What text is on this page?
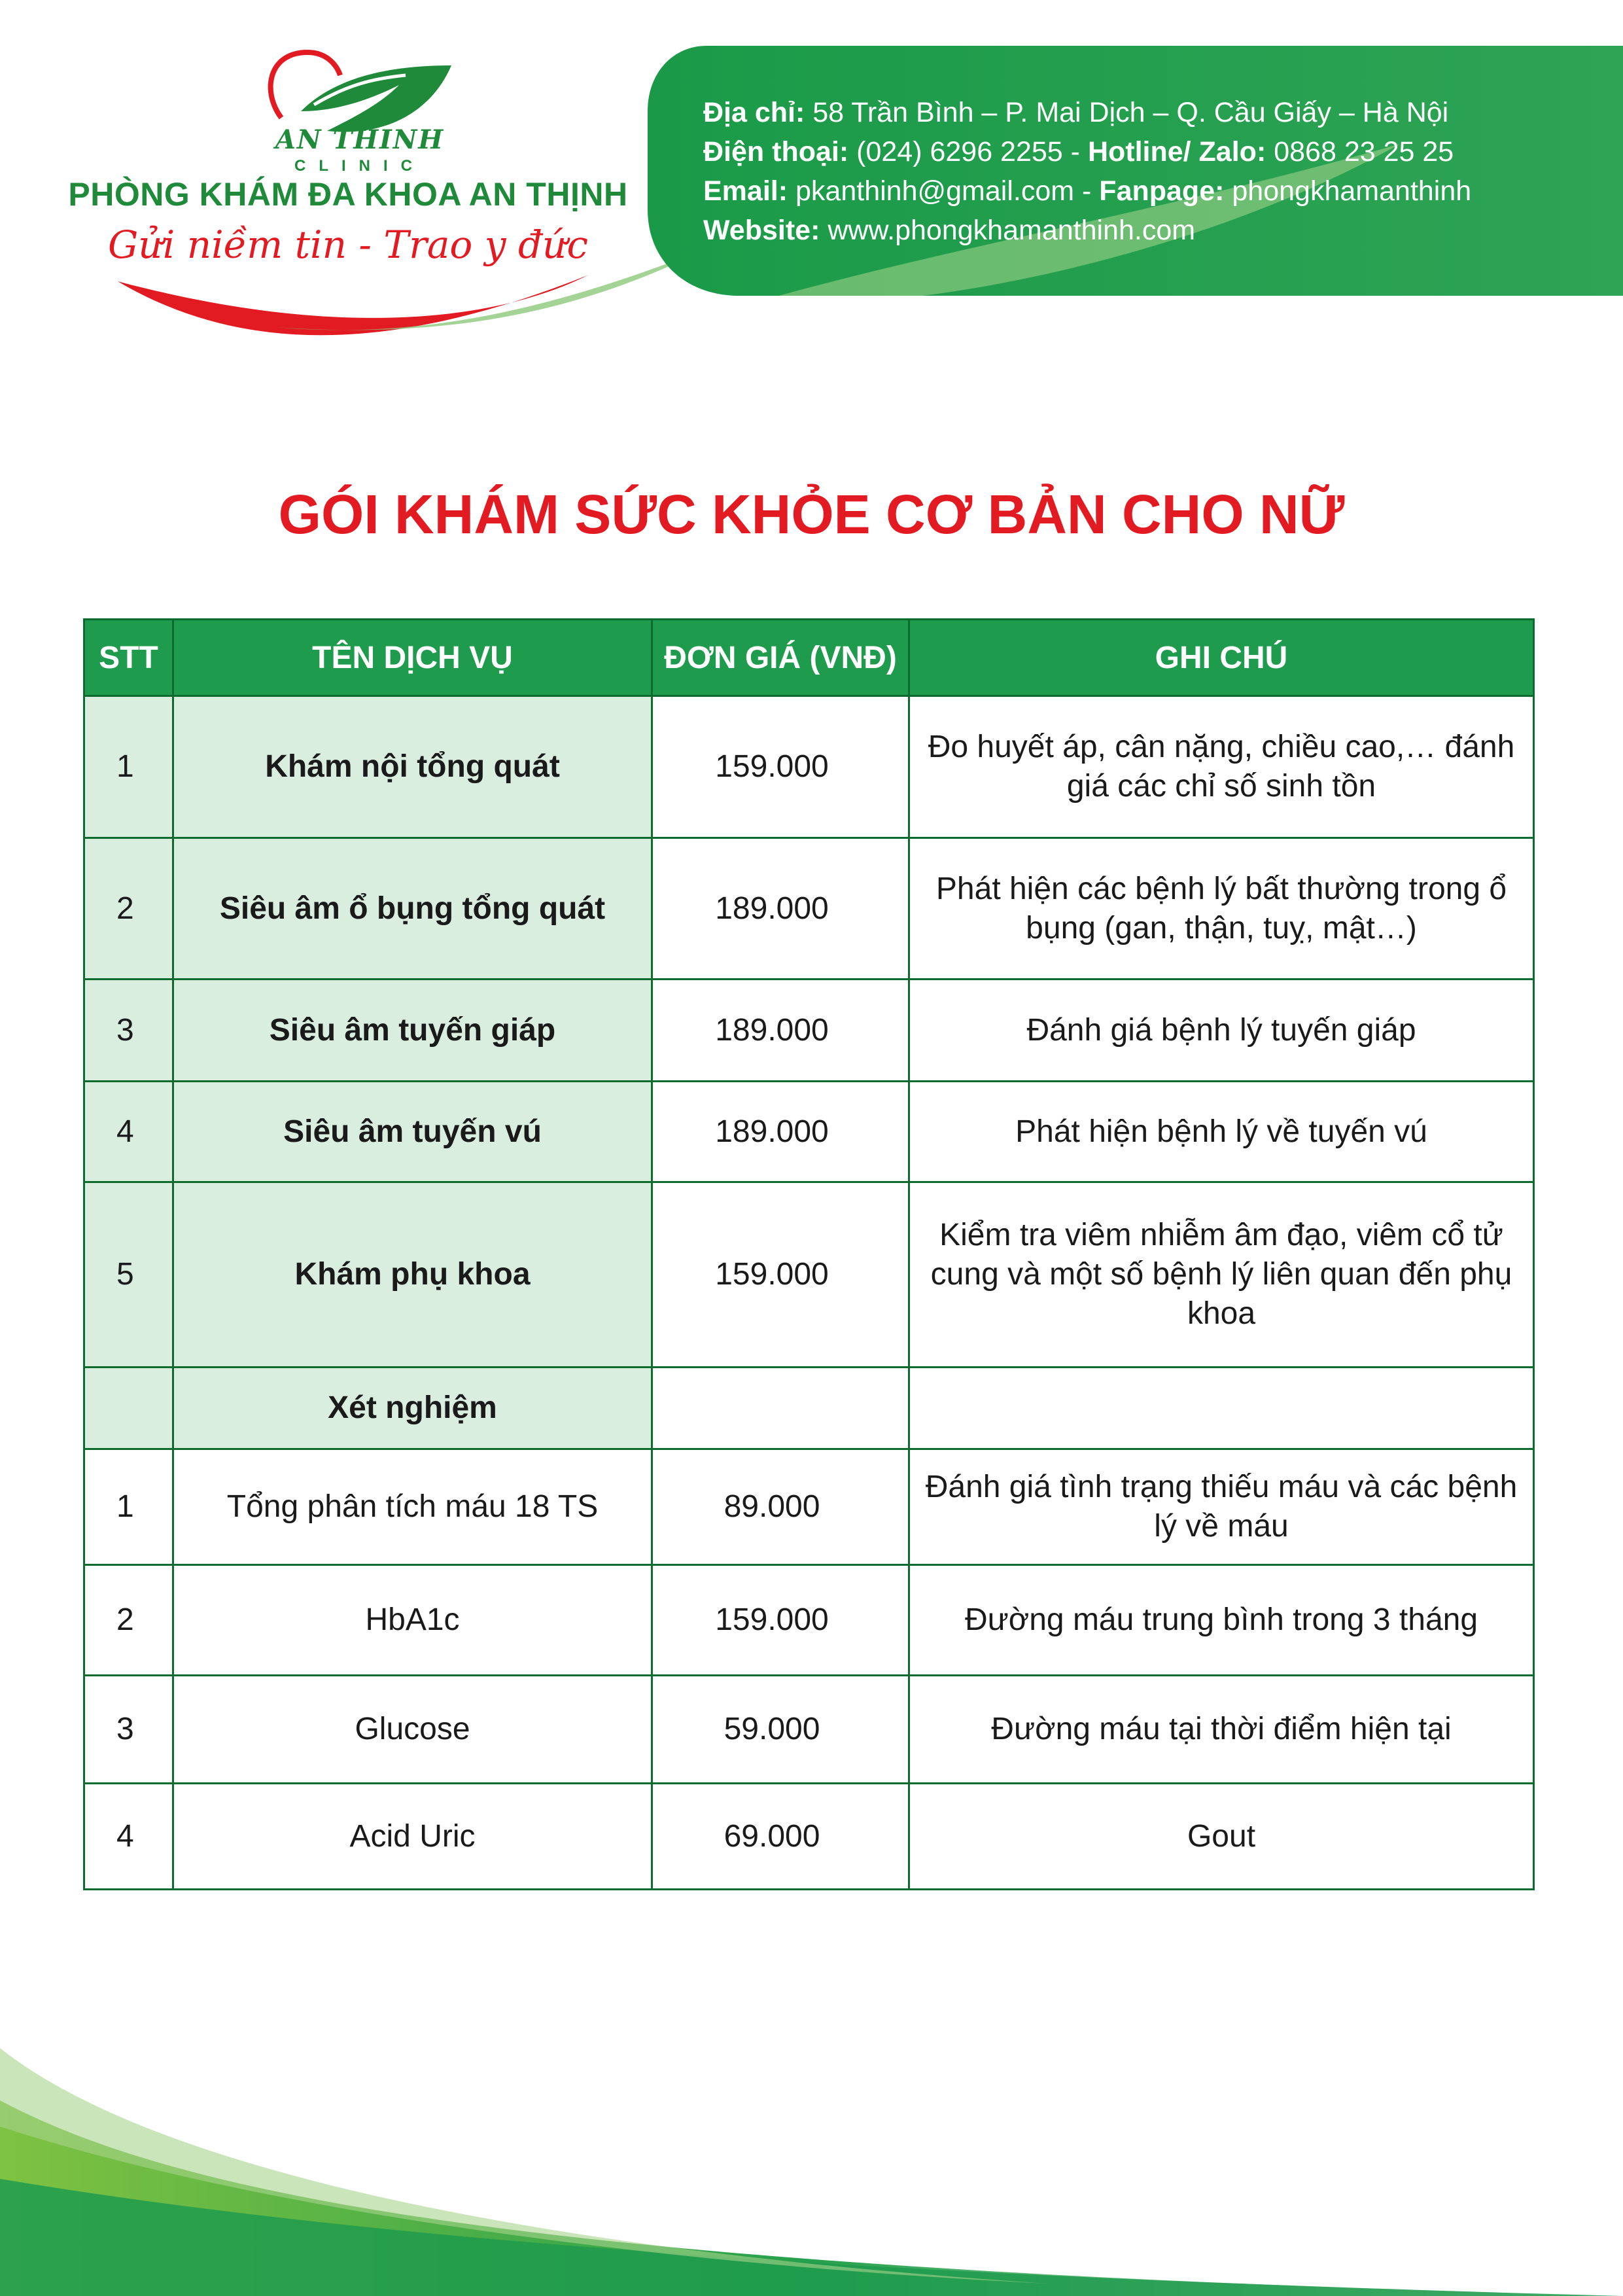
AN THINH
CLINIC
PHÒNG KHÁM ĐA KHOA AN THỊNH
Gửi niềm tin - Trao y đức
Địa chỉ: 58 Trần Bình – P. Mai Dịch – Q. Cầu Giấy – Hà Nội
Điện thoại: (024) 6296 2255 - Hotline/ Zalo: 0868 23 25 25
Email: pkanthinh@gmail.com - Fanpage: phongkhamanthinh
Website: www.phongkhamanthinh.com
GÓI KHÁM SỨC KHỎE CƠ BẢN CHO NỮ
STT	TÊN DỊCH VỤ	ĐƠN GIÁ (VNĐ)	GHI CHÚ
1	Khám nội tổng quát	159.000	Đo huyết áp, cân nặng, chiều cao,… đánh giá các chỉ số sinh tồn
2	Siêu âm ổ bụng tổng quát	189.000	Phát hiện các bệnh lý bất thường trong ổ bụng (gan, thận, tuỵ, mật…)
3	Siêu âm tuyến giáp	189.000	Đánh giá bệnh lý tuyến giáp
4	Siêu âm tuyến vú	189.000	Phát hiện bệnh lý về tuyến vú
5	Khám phụ khoa	159.000	Kiểm tra viêm nhiễm âm đạo, viêm cổ tử cung và một số bệnh lý liên quan đến phụ khoa
	Xét nghiệm		
1	Tổng phân tích máu 18 TS	89.000	Đánh giá tình trạng thiếu máu và các bệnh lý về máu
2	HbA1c	159.000	Đường máu trung bình trong 3 tháng
3	Glucose	59.000	Đường máu tại thời điểm hiện tại
4	Acid Uric	69.000	Gout
